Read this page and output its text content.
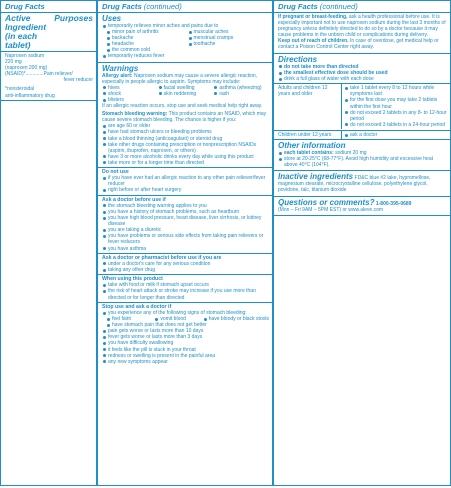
Drug Facts
Active	Purposes

Ingredient
(in each
tablet)
Naproxen sodium
220 mg
(naproxen 200 mg)
(NSAID)*.............Pain reliever/
fever reducer
*nonsteroidal
anti-inflammatory drug
Drug Facts (continued)
Uses
temporarily relieves minor aches and pains due to
minor pain of arthritis	muscular aches
backache	menstrual cramps
headache	toothache
the common cold
temporarily reduces fever
Warnings
Allergy alert: Naproxen sodium may cause a severe allergic reaction, especially in people allergic to aspirin. Symptoms may include:
hives	facial swelling	asthma (wheezing)
shock	skin reddening	rash
blisters
If an allergic reaction occurs, stop use and seek medical help right away.
Stomach bleeding warning: This product contains an NSAID, which may cause severe stomach bleeding. The chance is higher if you:
are age 60 or older
have had stomach ulcers or bleeding problems
take a blood thinning (anticoagulant) or steroid drug
take other drugs containing prescription or nonprescription NSAIDs (aspirin, ibuprofen, naproxen, or others)
have 3 or more alcoholic drinks every day while using this product
take more or for a longer time than directed
Do not use
if you have ever had an allergic reaction to any other pain reliever/fever reducer
right before or after heart surgery
Ask a doctor before use if
the stomach bleeding warning applies to you
you have a history of stomach problems, such as heartburn
you have high blood pressure, heart disease, liver cirrhosis, or kidney disease
you are taking a diuretic
you have problems or serious side effects from taking pain relievers or fever reducers
you have asthma
Ask a doctor or pharmacist before use if you are
under a doctor's care for any serious condition
taking any other drug
When using this product
take with food or milk if stomach upset occurs
the risk of heart attack or stroke may increase if you use more than directed or for longer than directed
Stop use and ask a doctor if
you experience any of the following signs of stomach bleeding:
feel faint	vomit blood	have bloody or black stools
have stomach pain that does not get better
pain gets worse or lasts more than 10 days
fever gets worse or lasts more than 3 days
you have difficulty swallowing
it feels like the pill is stuck in your throat
redness or swelling is present in the painful area
any new symptoms appear
Drug Facts (continued)
If pregnant or breast-feeding, ask a health professional before use. It is especially important not to use naproxen sodium during the last 3 months of pregnancy unless definitely directed to do so by a doctor because it may cause problems in the unborn child or complications during delivery.
Keep out of reach of children. In case of overdose, get medical help or contact a Poison Control Center right away.
Directions
do not take more than directed
the smallest effective dose should be used
drink a full glass of water with each dose
Adults and children 12 years and older
take 1 tablet every 8 to 12 hours while symptoms last
for the first dose you may take 2 tablets within the first hour
do not exceed 2 tablets in any 8- to 12-hour period
do not exceed 3 tablets in a 24-hour period
Children under 12 years	ask a doctor
Other information
each tablet contains: sodium 20 mg
store at 20-25°C (68-77°F). Avoid high humidity and excessive heat above 40°C (104°F).
Inactive ingredients FD&C blue #2 lake, hypromellose, magnesium stearate, microcrystalline cellulose, polyethylene glycol, povidone, talc, titanium dioxide
Questions or comments? 1-800-395-0689
(Mon – Fri 9AM – 5PM EST) or www.aleve.com
